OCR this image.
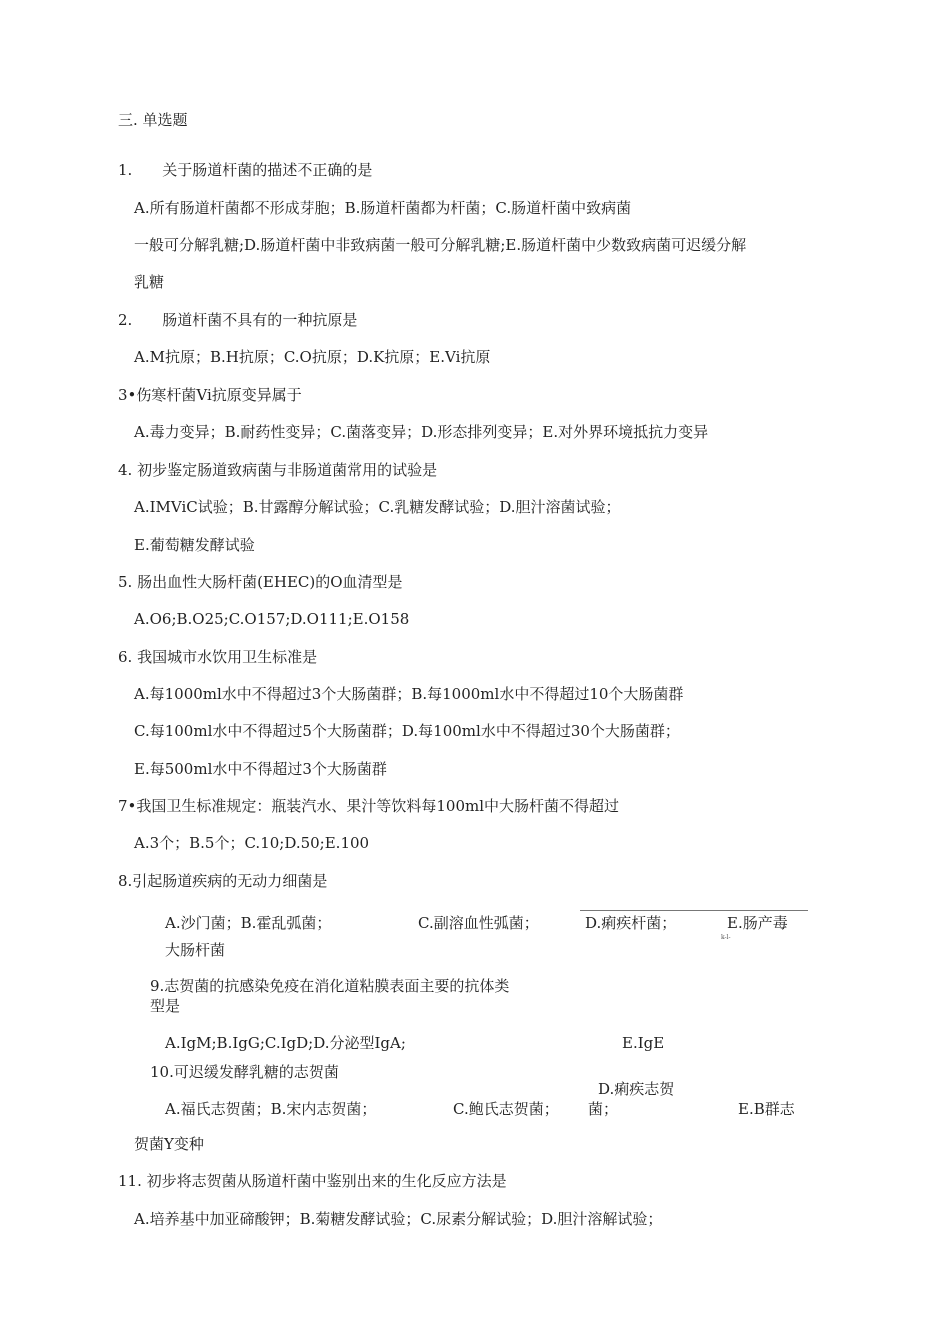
三. 单选题
1.　　关于肠道杆菌的描述不正确的是
A.所有肠道杆菌都不形成芽胞；B.肠道杆菌都为杆菌；C.肠道杆菌中致病菌
一般可分解乳糖;D.肠道杆菌中非致病菌一般可分解乳糖;E.肠道杆菌中少数致病菌可迟缓分解
乳糖
2.　　肠道杆菌不具有的一种抗原是
A.M抗原；B.H抗原；C.O抗原；D.K抗原；E.Vi抗原
3•伤寒杆菌Vi抗原变异属于
A.毒力变异；B.耐药性变异；C.菌落变异；D.形态排列变异；E.对外界环境抵抗力变异
4. 初步鉴定肠道致病菌与非肠道菌常用的试验是
A.IMViC试验；B.甘露醇分解试验；C.乳糖发酵试验；D.胆汁溶菌试验；
E.葡萄糖发酵试验
5. 肠出血性大肠杆菌(EHEC)的O血清型是
A.O6;B.O25;C.O157;D.O111;E.O158
6. 我国城市水饮用卫生标准是
A.每1000ml水中不得超过3个大肠菌群；B.每1000ml水中不得超过10个大肠菌群
C.每100ml水中不得超过5个大肠菌群；D.每100ml水中不得超过30个大肠菌群；
E.每500ml水中不得超过3个大肠菌群
7•我国卫生标准规定：瓶装汽水、果汁等饮料每100ml中大肠杆菌不得超过
A.3个；B.5个；C.10;D.50;E.100
8.引起肠道疾病的无动力细菌是
A.沙门菌；B.霍乱弧菌；	C.副溶血性弧菌；	D.痢疾杆菌；	E.肠产毒
k-l-
大肠杆菌
9.志贺菌的抗感染免疫在消化道粘膜表面主要的抗体类
型是
A.IgM;B.IgG;C.IgD;D.分泌型IgA;	E.IgE
10.可迟缓发酵乳糖的志贺菌
D.痢疾志贺
A.福氏志贺菌；B.宋内志贺菌；	C.鲍氏志贺菌； 菌；	E.B群志
贺菌Y变种
11. 初步将志贺菌从肠道杆菌中鉴别出来的生化反应方法是
A.培养基中加亚碲酸钾；B.菊糖发酵试验；C.尿素分解试验；D.胆汁溶解试验；
